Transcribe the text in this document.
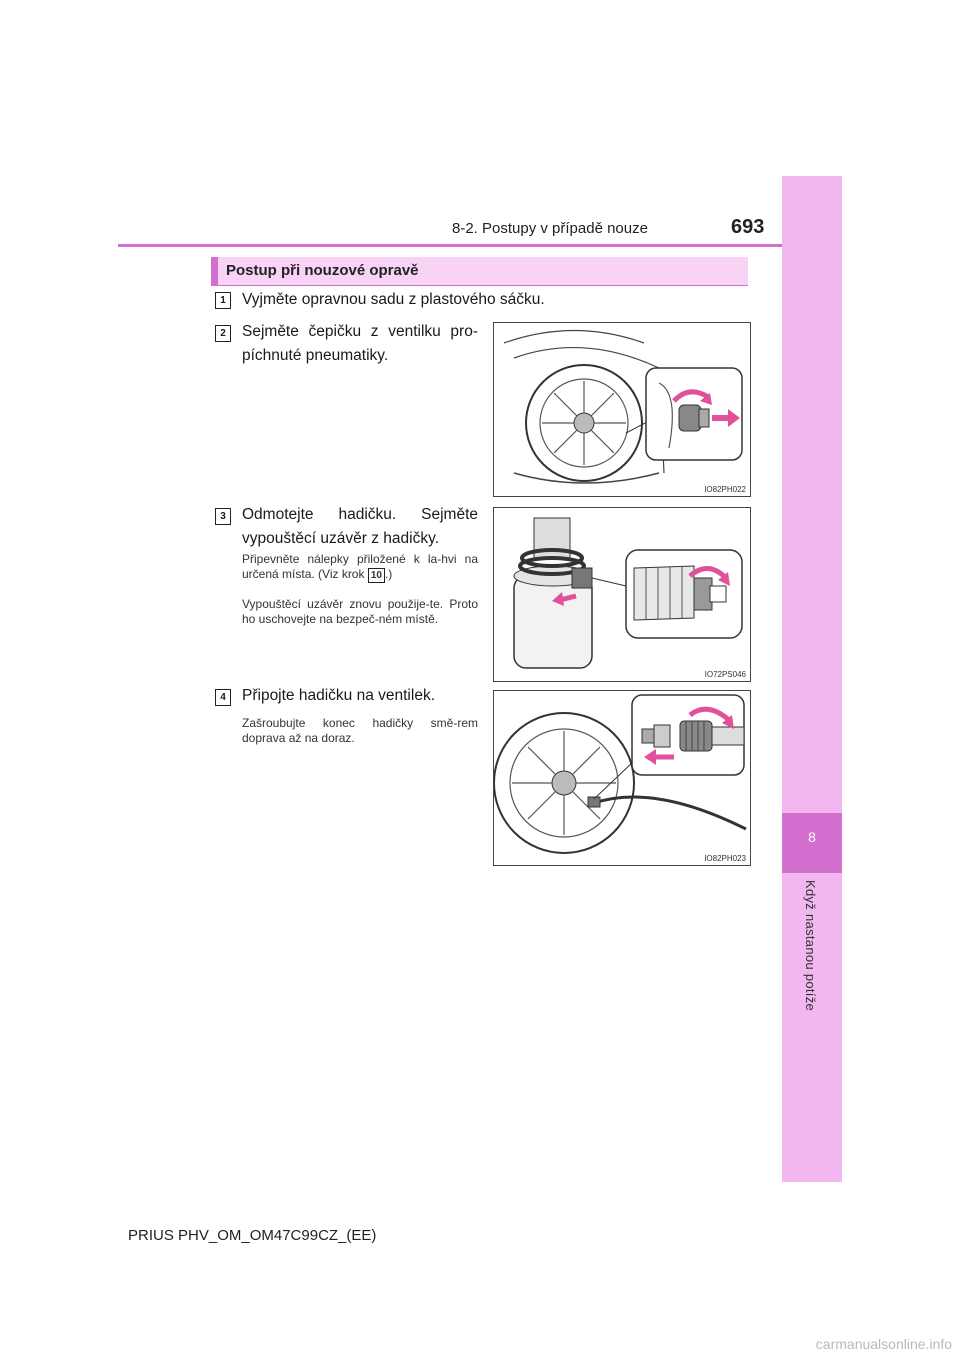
8
Když nastanou potíže
8-2. Postupy v případě nouze	693
Postup při nouzové opravě
1	Vyjměte opravnou sadu z plastového sáčku.
2	Sejměte čepičku z ventilku pro-píchnuté pneumatiky.
IO82PH022
3	Odmotejte hadičku. Sejměte vypouštěcí uzávěr z hadičky.
Připevněte nálepky přiložené k la-hvi na určená místa. (Viz krok 10 .)
Vypouštěcí uzávěr znovu použije-te. Proto ho uschovejte na bezpeč-ném místě.
IO72PS046
4	Připojte hadičku na ventilek.
Zašroubujte konec hadičky smě-rem doprava až na doraz.
IO82PH023
PRIUS PHV_OM_OM47C99CZ_(EE)
carmanualsonline.info
